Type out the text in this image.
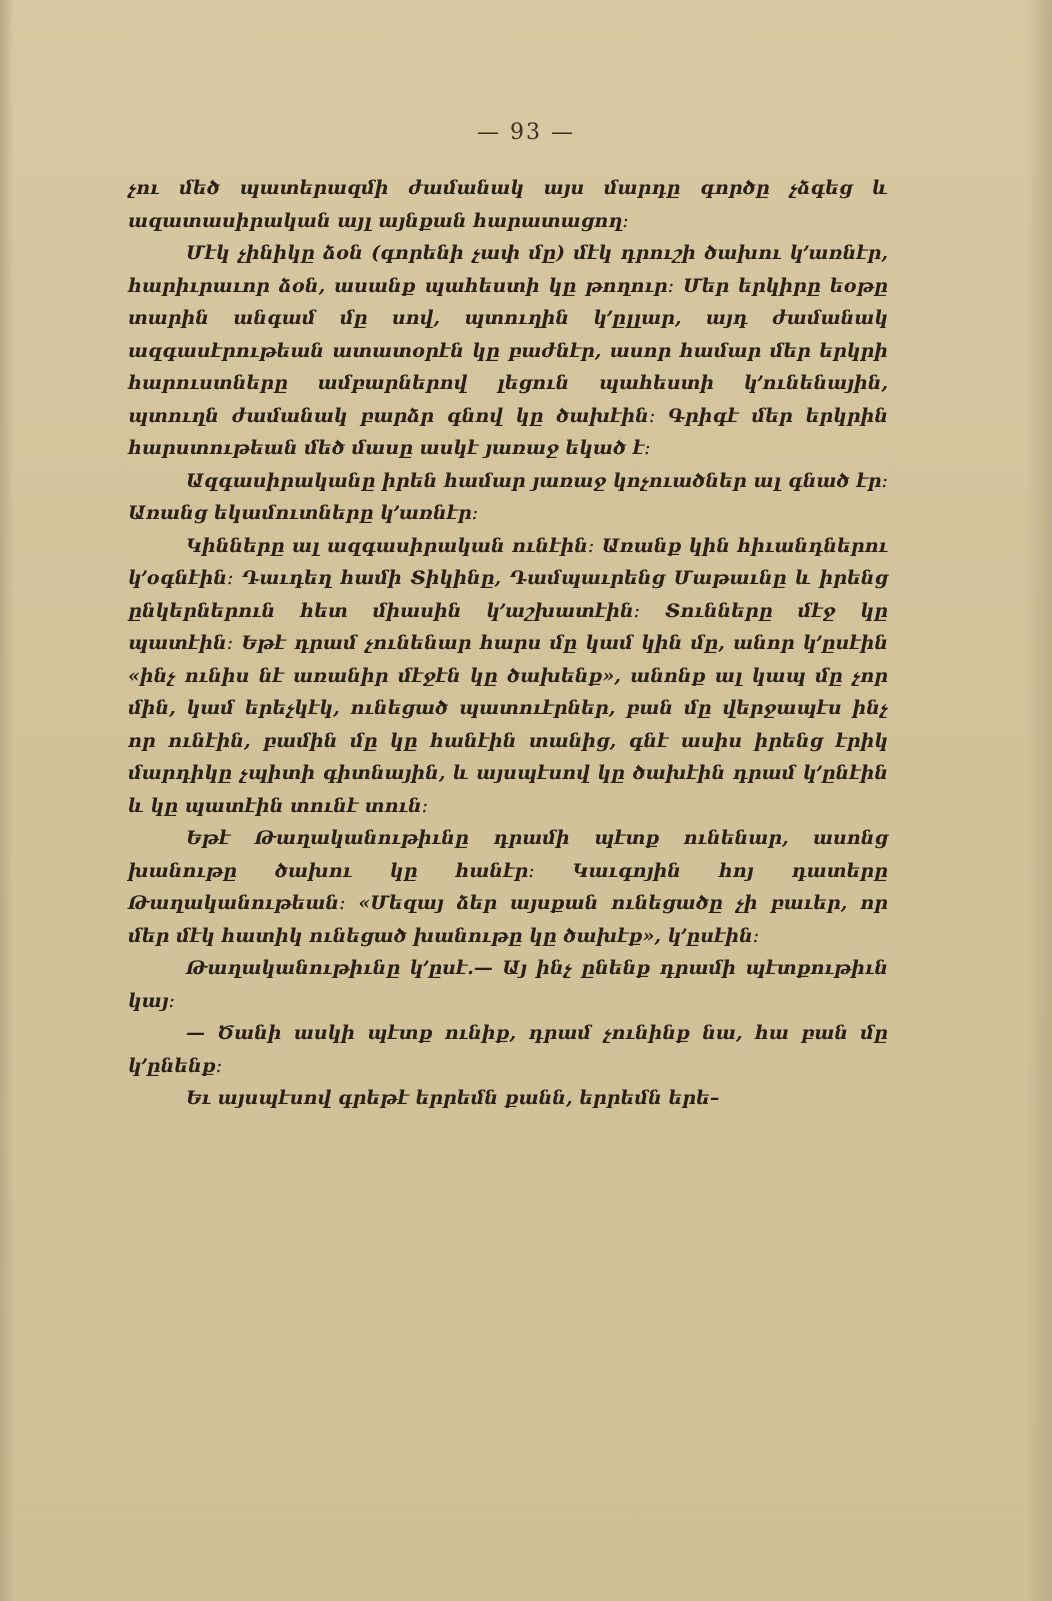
— 93 —

չու մեծ պատերազմի ժամանակ այս մարդը գործը չձգեց և ազատասիրական այլ այնքան հարատացող։

Մէկ չինիկը ձօն (գորենի չափ մը) մէկ դրուշի ծախու կ՚առնէր, հարիւրաւոր ձօն, ասանք պահեստի կը թողուր։ Մեր երկիրը եօթը տարին անգամ մը սով, պտուղին կ՚ըլլար, այդ ժամանակ ազգասէրութեան ատատօրէն կը բաժնէր, ասոր համար մեր երկրի հարուստները ամբարներով լեցուն պահեստի կ՚ունենային, պտուղն ժամանակ բարձր գնով կը ծախէին։ Գրիգէ մեր երկրին հարստութեան մեծ մասը ասկէ յառաջ եկած է։

Ազգասիրականը իրեն համար յառաջ կոչուածներ ալ գնած էր։ Առանց եկամուտները կ՚առնէր։

Կինները ալ ազգասիրական ունէին։ Առանք կին հիւանդներու կ՚օգնէին։ Դաւդեղ համի Տիկինը, Դամպաւրենց Մաթաւնը և իրենց ընկերներուն հետ միասին կ՚աշխատէին։ Տունները մէջ կը պատէին։ Եթէ դրամ չունենար հարս մը կամ կին մը, անոր կ՚ըսէին «ինչ ունիս նէ առանիր մէջէն կը ծախենք», անոնք ալ կապ մը չոր մին, կամ երեչկէկ, ունեցած պատուէրներ, բան մը վերջապէս ինչ որ ունէին, բամին մը կը հանէին տանից, գնէ ասիս իրենց էրիկ մարդիկը չպիտի գիտնային, և այսպէսով կը ծախէին դրամ կ՚ընէին և կը պատէին տունէ տուն։

Եթէ Թաղականութիւնը դրամի պէտք ունենար, ասոնց խանութը ծախու կը հանէր։ Կաւգոյին հոյ դատերը Թաղականութեան։ «Մեզայ ձեր այսքան ունեցածը չի բաւեր, որ մեր մէկ հատիկ ունեցած խանութը կը ծախէք», կ՚ըսէին։

Թաղականութիւնը կ՚ըսէ.— Այ ինչ ընենք դրամի պէտքութիւն կայ։

— Ծանի ասկի պէտք ունիք, դրամ չունինք նա, հա բան մը կ՚ընենք։

Եւ այսպէսով գրեթէ երրեմն քանն, երրեմն երե–
